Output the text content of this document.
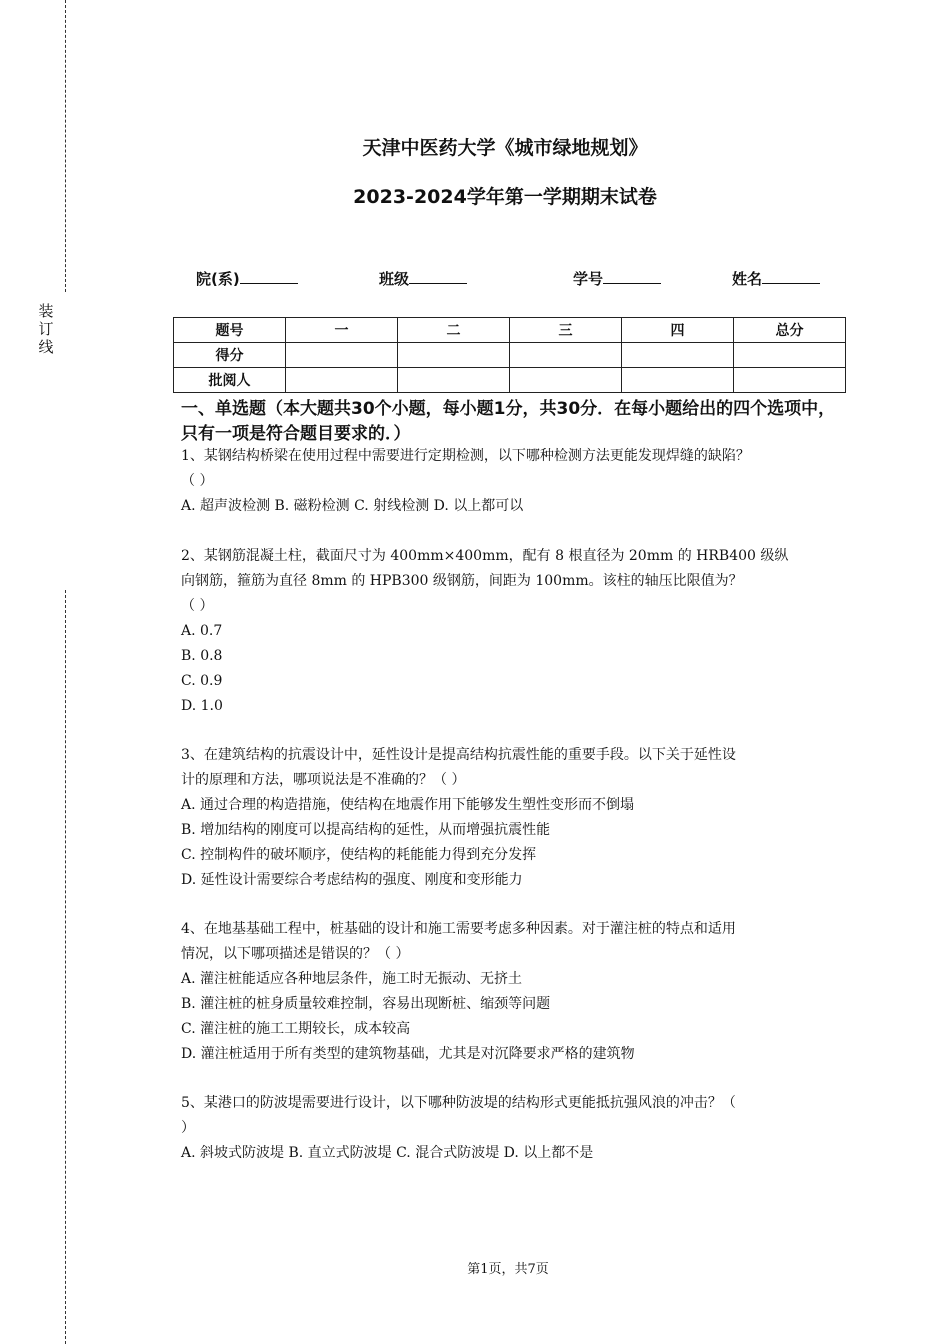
装
订
线
天津中医药大学《城市绿地规划》
2023-2024学年第一学期期末试卷
院(系)	班级	学号	姓名
题号	一	二	三	四	总分
得分					
批阅人					
一、单选题（本大题共30个小题，每小题1分，共30分．在每小题给出的四个选项中，只有一项是符合题目要求的．）

1、某钢结构桥梁在使用过程中需要进行定期检测，以下哪种检测方法更能发现焊缝的缺陷？

（ ）

A. 超声波检测 B. 磁粉检测 C. 射线检测 D. 以上都可以

2、某钢筋混凝土柱，截面尺寸为 400mm×400mm，配有 8 根直径为 20mm 的 HRB400 级纵

向钢筋，箍筋为直径 8mm 的 HPB300 级钢筋，间距为 100mm。该柱的轴压比限值为？

（ ）

A. 0.7

B. 0.8

C. 0.9

D. 1.0

3、在建筑结构的抗震设计中，延性设计是提高结构抗震性能的重要手段。以下关于延性设

计的原理和方法，哪项说法是不准确的？（ ）

A. 通过合理的构造措施，使结构在地震作用下能够发生塑性变形而不倒塌

B. 增加结构的刚度可以提高结构的延性，从而增强抗震性能

C. 控制构件的破坏顺序，使结构的耗能能力得到充分发挥

D. 延性设计需要综合考虑结构的强度、刚度和变形能力

4、在地基基础工程中，桩基础的设计和施工需要考虑多种因素。对于灌注桩的特点和适用

情况，以下哪项描述是错误的？（ ）

A. 灌注桩能适应各种地层条件，施工时无振动、无挤土

B. 灌注桩的桩身质量较难控制，容易出现断桩、缩颈等问题

C. 灌注桩的施工工期较长，成本较高

D. 灌注桩适用于所有类型的建筑物基础，尤其是对沉降要求严格的建筑物

5、某港口的防波堤需要进行设计，以下哪种防波堤的结构形式更能抵抗强风浪的冲击？（

）

A. 斜坡式防波堤 B. 直立式防波堤 C. 混合式防波堤 D. 以上都不是

第1页，共7页
